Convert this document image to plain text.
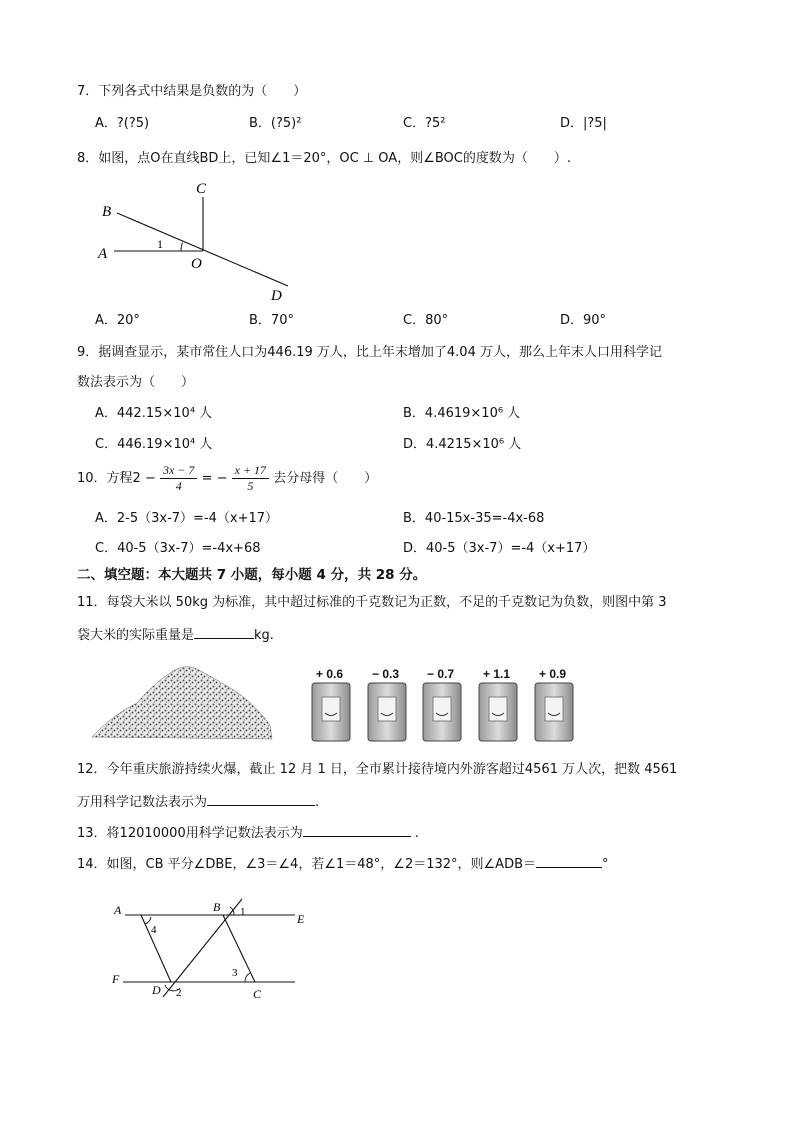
7．下列各式中结果是负数的为（　　）
A．?(?5)	B．(?5)²	C．?5²	D．|?5|
8．如图，点O在直线BD上，已知∠1＝20°，OC ⊥ OA，则∠BOC的度数为（　　）.
B
C
A
O
D
1
A．20°	B．70°	C．80°	D．90°
9．据调查显示，某市常住人口为446.19 万人，比上年末增加了4.04 万人，那么上年末人口用科学记
数法表示为（　　）
A．442.15×10⁴ 人	B．4.4619×10⁶ 人
C．446.19×10⁴ 人	D．4.4215×10⁶ 人
10．方程$2 - \frac{3x - 7}{4}$ = − $\frac{x + 17}{5}$ 去分母得（　　）
A．2-5（3x-7）=-4（x+17）	B．40-15x-35=-4x-68
C．40-5（3x-7）=-4x+68	D．40-5（3x-7）=-4（x+17）
二、填空题：本大题共 7 小题，每小题 4 分，共 28 分。
11．每袋大米以 50kg 为标准，其中超过标准的千克数记为正数，不足的千克数记为负数，则图中第 3
袋大米的实际重量是	kg.
+ 0.6 − 0.3 − 0.7 + 1.1 + 0.9
12．今年重庆旅游持续火爆，截止 12 月 1 日，全市累计接待境内外游客超过4561 万人次，把数 4561
万用科学记数法表示为	.
13．将12010000用科学记数法表示为	.
14．如图，CB 平分∠DBE，∠3＝∠4，若∠1＝48°，∠2＝132°，则∠ADB＝	°
A	B
E
F
D	C
1
2
3
4
